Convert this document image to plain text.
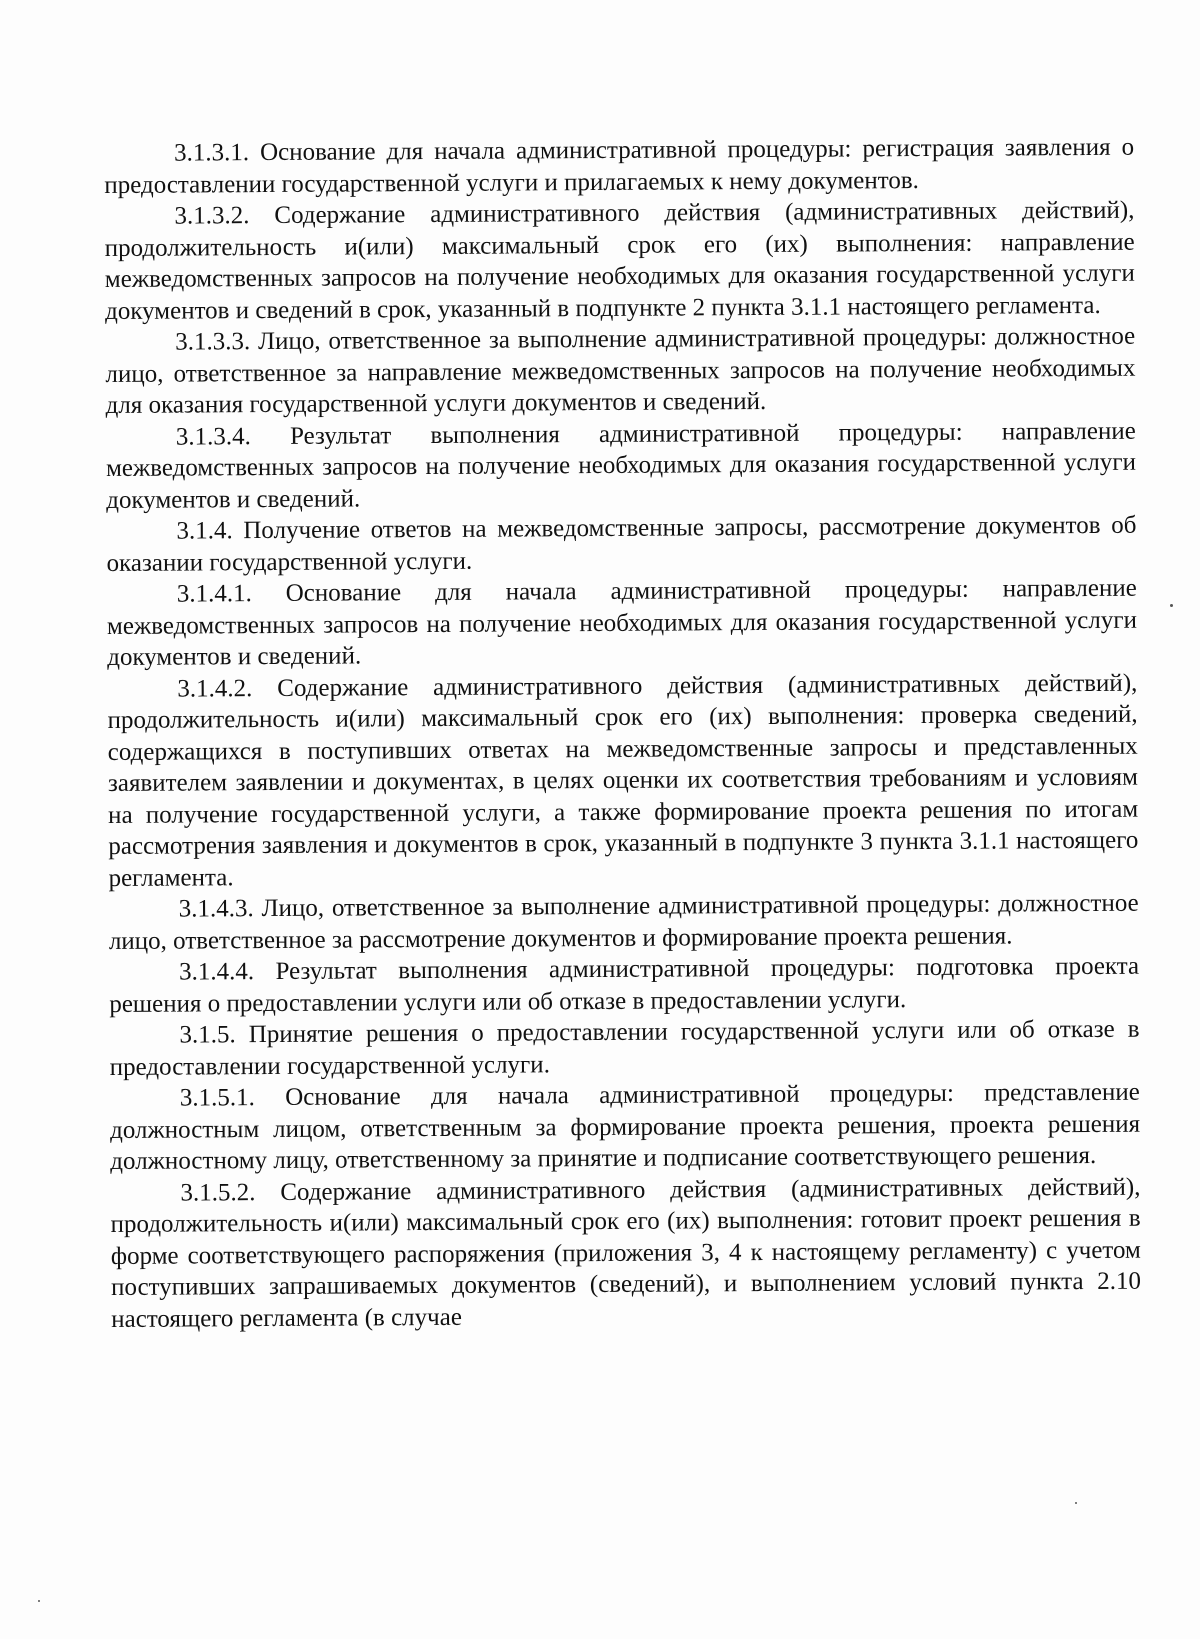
3.1.3.1. Основание для начала административной процедуры: регистрация заявления о предоставлении государственной услуги и прилагаемых к нему документов.

3.1.3.2. Содержание административного действия (административных действий), продолжительность и(или) максимальный срок его (их) выполнения: направление межведомственных запросов на получение необходимых для оказания государственной услуги документов и сведений в срок, указанный в подпункте 2 пункта 3.1.1 настоящего регламента.

3.1.3.3. Лицо, ответственное за выполнение административной процедуры: должностное лицо, ответственное за направление межведомственных запросов на получение необходимых для оказания государственной услуги документов и сведений.

3.1.3.4. Результат выполнения административной процедуры: направление межведомственных запросов на получение необходимых для оказания государственной услуги документов и сведений.

3.1.4. Получение ответов на межведомственные запросы, рассмотрение документов об оказании государственной услуги.

3.1.4.1. Основание для начала административной процедуры: направление межведомственных запросов на получение необходимых для оказания государственной услуги документов и сведений.

3.1.4.2. Содержание административного действия (административных действий), продолжительность и(или) максимальный срок его (их) выполнения: проверка сведений, содержащихся в поступивших ответах на межведомственные запросы и представленных заявителем заявлении и документах, в целях оценки их соответствия требованиям и условиям на получение государственной услуги, а также формирование проекта решения по итогам рассмотрения заявления и документов в срок, указанный в подпункте 3 пункта 3.1.1 настоящего регламента.

3.1.4.3. Лицо, ответственное за выполнение административной процедуры: должностное лицо, ответственное за рассмотрение документов и формирование проекта решения.

3.1.4.4. Результат выполнения административной процедуры: подготовка проекта решения о предоставлении услуги или об отказе в предоставлении услуги.

3.1.5. Принятие решения о предоставлении государственной услуги или об отказе в предоставлении государственной услуги.

3.1.5.1. Основание для начала административной процедуры: представление должностным лицом, ответственным за формирование проекта решения, проекта решения должностному лицу, ответственному за принятие и подписание соответствующего решения.

3.1.5.2. Содержание административного действия (административных действий), продолжительность и(или) максимальный срок его (их) выполнения: готовит проект решения в форме соответствующего распоряжения (приложения 3, 4 к настоящему регламенту) с учетом поступивших запрашиваемых документов (сведений), и выполнением условий пункта 2.10 настоящего регламента (в случае
